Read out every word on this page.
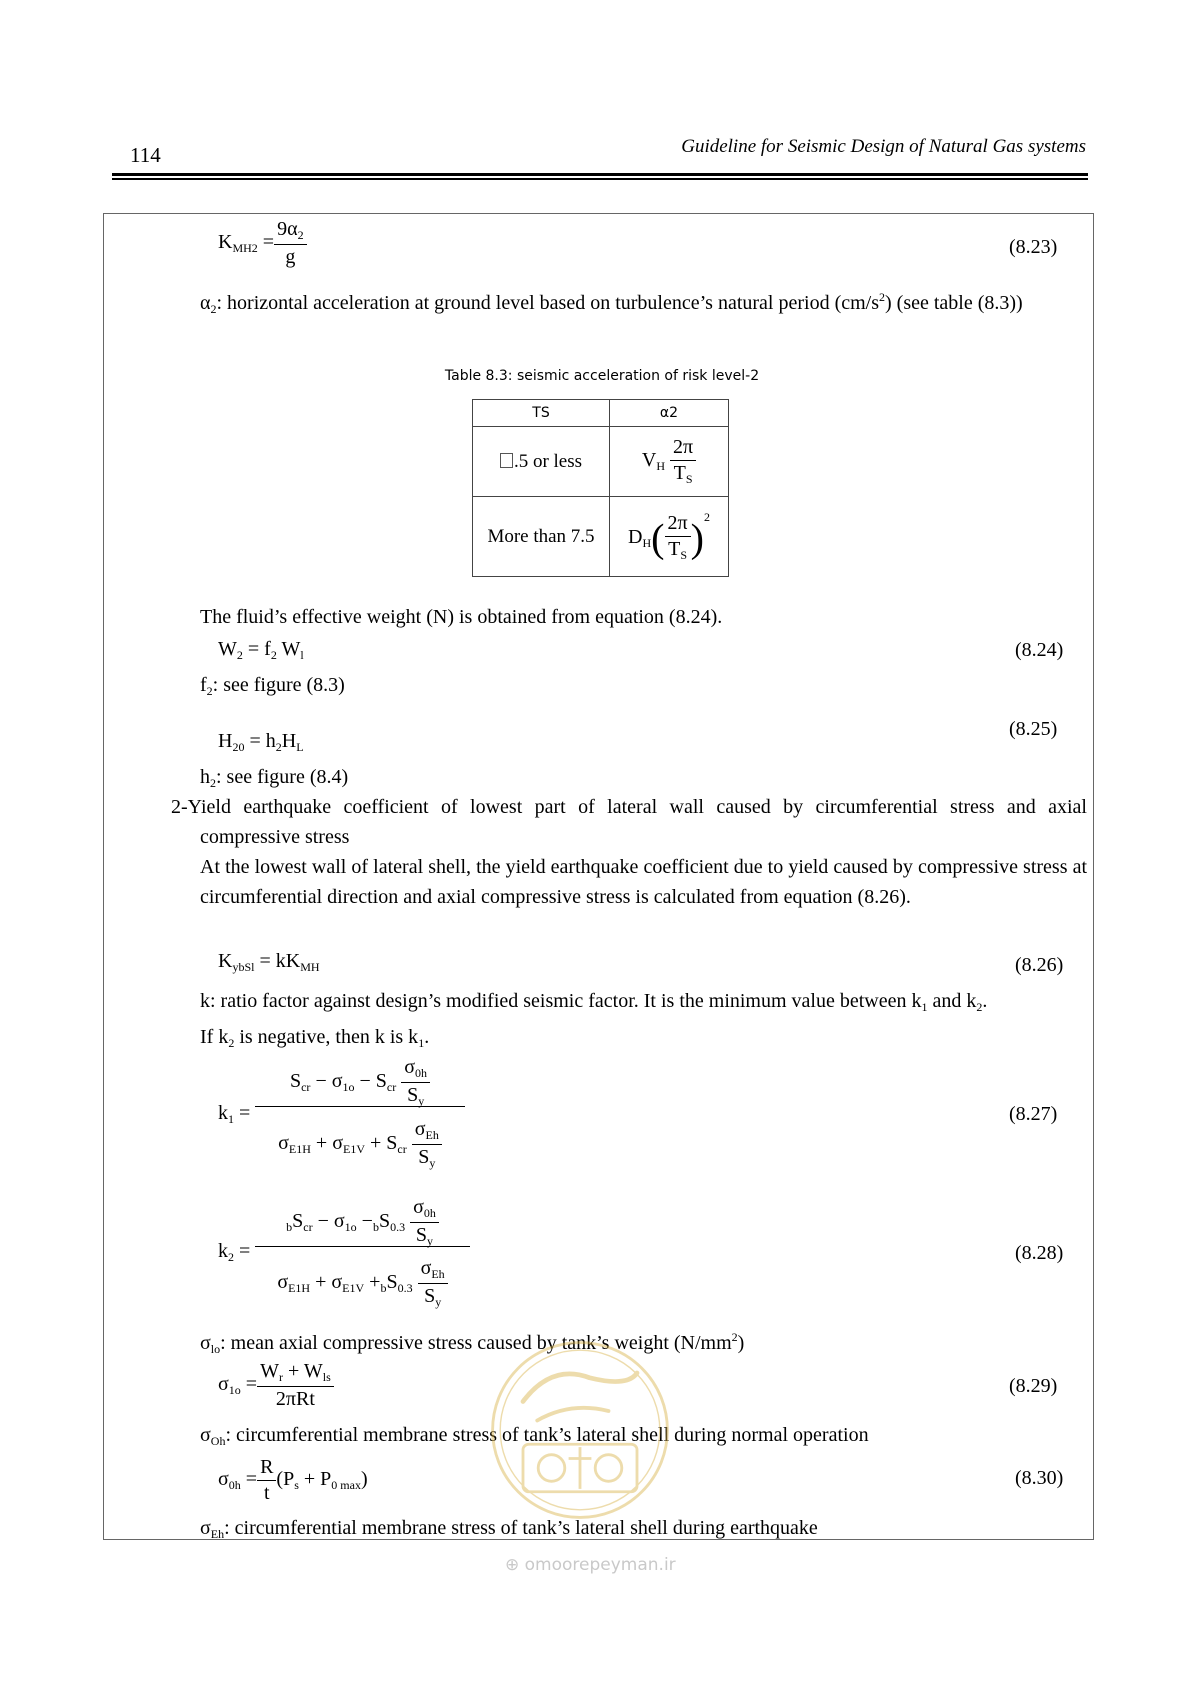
114	Guideline for Seismic Design of Natural Gas systems
$K_{MH2} = \frac{9\alpha_2}{g}$	(8.23)
$\alpha_2$: horizontal acceleration at ground level based on turbulence’s natural period $(cm/s^2)$ (see table (8.3))
Table 8.3: seismic acceleration of risk level-2
TS	α2
.5 or less	$V_H \frac{2\pi}{T_S}$

More than 7.5	$D_H( \frac{2\pi}{T_S} )^2$
The fluid’s effective weight (N) is obtained from equation (8.24).
$W_2 = f_2$ $W_l$	(8.24)
$f_2$: see figure (8.3)
(8.25)
$H_{20} = h_2H_L$
$h_2$: see figure (8.4)
2-Yield earthquake coefficient of lowest part of lateral wall caused by circumferential stress and axial compressive stress
At the lowest wall of lateral shell, the yield earthquake coefficient due to yield caused by compressive stress at circumferential direction and axial compressive stress is calculated from equation (8.26).
$K_{ybSl} = kK_{MH}$	(8.26)
k: ratio factor against design’s modified seismic factor. It is the minimum value between $k_1$ and $k_2$.
If $k_2$ is negative, then k is $k_1$.
$k_1$ =
$S_{cr} - \sigma_{1o} - S_{cr} \frac{\sigma_{0h}}{S_y}$
$\sigma_{E1H} + \sigma_{E1V} + S_{cr} \frac{\sigma_{Eh}}{S_y}$
(8.27)
$k_2$ =
$_bS_{cr} - \sigma_{1o} -_bS_{0.3} \frac{\sigma_{0h}}{S_y}$
$\sigma_{E1H} + \sigma_{E1V} +_bS_{0.3} \frac{\sigma_{Eh}}{S_y}$
(8.28)
$\sigma_{lo}$: mean axial compressive stress caused by tank’s weight $(N/mm^2)$
$\sigma_{1o} = \frac{W_r + W_{ls}}{\text{2πRt}}$	(8.29)
$\sigma_{Oh}$: circumferential membrane stress of tank’s lateral shell during normal operation
$\sigma_{0h} = \frac{R}{t} (P_s + P_{0 max})$	(8.30)
$\sigma_{Eh}$: circumferential membrane stress of tank’s lateral shell during earthquake
⊕ omoorepeyman.ir
